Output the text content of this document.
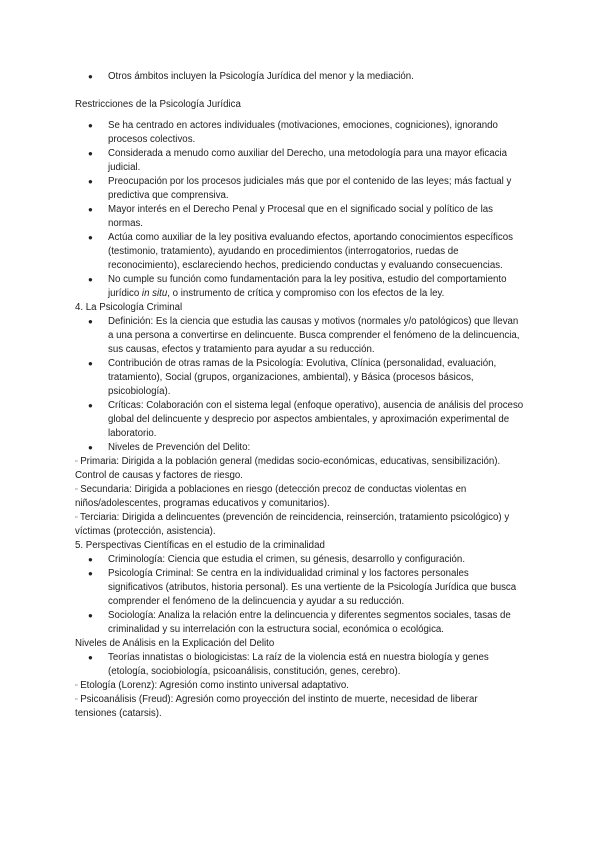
● Otros ámbitos incluyen la Psicología Jurídica del menor y la mediación.
Restricciones de la Psicología Jurídica
● Se ha centrado en actores individuales (motivaciones, emociones, cogniciones), ignorando procesos colectivos.
● Considerada a menudo como auxiliar del Derecho, una metodología para una mayor eficacia judicial.
● Preocupación por los procesos judiciales más que por el contenido de las leyes; más factual y predictiva que comprensiva.
● Mayor interés en el Derecho Penal y Procesal que en el significado social y político de las normas.
● Actúa como auxiliar de la ley positiva evaluando efectos, aportando conocimientos específicos (testimonio, tratamiento), ayudando en procedimientos (interrogatorios, ruedas de reconocimiento), esclareciendo hechos, prediciendo conductas y evaluando consecuencias.
● No cumple su función como fundamentación para la ley positiva, estudio del comportamiento jurídico in situ, o instrumento de crítica y compromiso con los efectos de la ley.
4. La Psicología Criminal
● Definición: Es la ciencia que estudia las causas y motivos (normales y/o patológicos) que llevan a una persona a convertirse en delincuente. Busca comprender el fenómeno de la delincuencia, sus causas, efectos y tratamiento para ayudar a su reducción.
● Contribución de otras ramas de la Psicología: Evolutiva, Clínica (personalidad, evaluación, tratamiento), Social (grupos, organizaciones, ambiental), y Básica (procesos básicos, psicobiología).
● Críticas: Colaboración con el sistema legal (enfoque operativo), ausencia de análisis del proceso global del delincuente y desprecio por aspectos ambientales, y aproximación experimental de laboratorio.
● Niveles de Prevención del Delito:
▫ Primaria: Dirigida a la población general (medidas socio-económicas, educativas, sensibilización). Control de causas y factores de riesgo.
▫ Secundaria: Dirigida a poblaciones en riesgo (detección precoz de conductas violentas en niños/adolescentes, programas educativos y comunitarios).
▫ Terciaria: Dirigida a delincuentes (prevención de reincidencia, reinserción, tratamiento psicológico) y víctimas (protección, asistencia).
5. Perspectivas Científicas en el estudio de la criminalidad
● Criminología: Ciencia que estudia el crimen, su génesis, desarrollo y configuración.
● Psicología Criminal: Se centra en la individualidad criminal y los factores personales significativos (atributos, historia personal). Es una vertiente de la Psicología Jurídica que busca comprender el fenómeno de la delincuencia y ayudar a su reducción.
● Sociología: Analiza la relación entre la delincuencia y diferentes segmentos sociales, tasas de criminalidad y su interrelación con la estructura social, económica o ecológica.
Niveles de Análisis en la Explicación del Delito
● Teorías innatistas o biologicistas: La raíz de la violencia está en nuestra biología y genes (etología, sociobiología, psicoanálisis, constitución, genes, cerebro).
▫ Etología (Lorenz): Agresión como instinto universal adaptativo.
▫ Psicoanálisis (Freud): Agresión como proyección del instinto de muerte, necesidad de liberar tensiones (catarsis).
